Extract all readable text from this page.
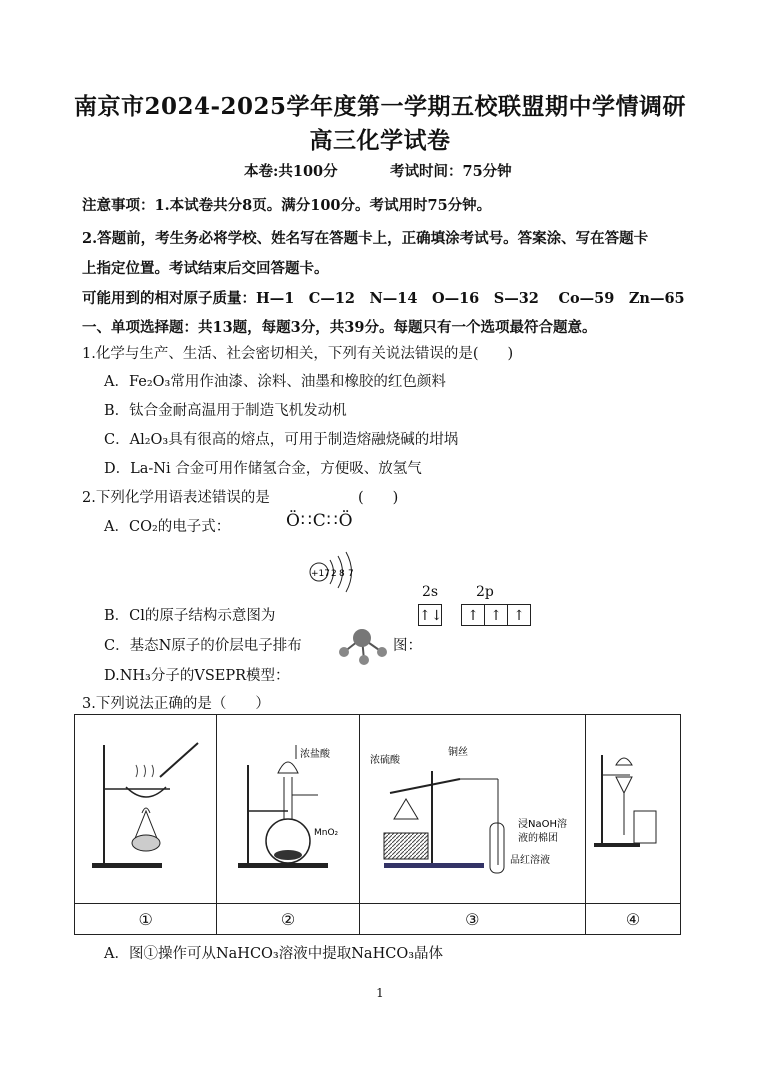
南京市2024-2025学年度第一学期五校联盟期中学情调研
高三化学试卷
本卷:共100分	考试时间：75分钟
注意事项：1.本试卷共分8页。满分100分。考试用时75分钟。
2.答题前，考生务必将学校、姓名写在答题卡上，正确填涂考试号。答案涂、写在答题卡
上指定位置。考试结束后交回答题卡。
可能用到的相对原子质量：H—1　C—12　N—14　O—16　S—32　 Co—59　Zn—65
一、单项选择题：共13题，每题3分，共39分。每题只有一个选项最符合题意。
1.化学与生产、生活、社会密切相关，下列有关说法错误的是(　　)
A．Fe₂O₃常用作油漆、涂料、油墨和橡胶的红色颜料
B．钛合金耐高温用于制造飞机发动机
C．Al₂O₃具有很高的熔点，可用于制造熔融烧碱的坩埚
D．La-Ni 合金可用作储氢合金，方便吸、放氢气
2.下列化学用语表述错误的是	(　　)
A．CO₂的电子式：	Ö∷C∷Ö
+17 2 8 7
B．Cl的原子结构示意图为
2s	2p
↑↓	↑ ↑ ↑
C．基态N原子的价层电子排布	图：
D.NH₃分子的VSEPR模型：
3.下列说法正确的是（　　）

浓盐酸
MnO₂	浓硫酸
铜丝
浸NaOH溶
液的棉团
品红溶液

①	②	③	④
A．图①操作可从NaHCO₃溶液中提取NaHCO₃晶体
1
